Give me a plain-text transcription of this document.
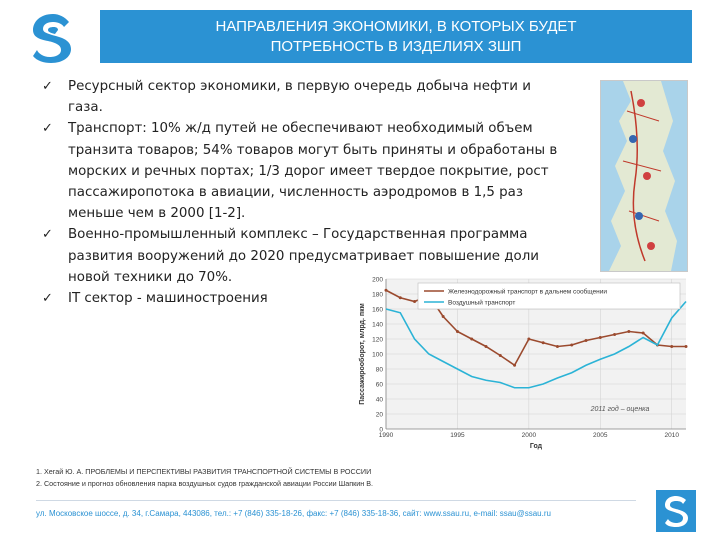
НАПРАВЛЕНИЯ ЭКОНОМИКИ, В КОТОРЫХ БУДЕТ
ПОТРЕБНОСТЬ В ИЗДЕЛИЯХ ЗШП
✓ Ресурсный сектор экономики, в первую очередь добыча нефти и
газа.
✓ Транспорт: 10% ж/д путей не обеспечивают необходимый объем
транзита товаров; 54% товаров могут быть приняты и обработаны в
морских и речных портах; 1/3 дорог имеет твердое покрытие, рост
пассажиропотока в авиации, численность аэродромов в 1,5 раз
меньше чем в 2000 [1-2].
✓ Военно-промышленный комплекс – Государственная программа
развития вооружений до 2020 предусматривает повышение доли
новой техники до 70%.
✓ IT сектор - машиностроения
0
20
40
60
80
100
120
140
160
180
200
1990	1995	2000	2005	2010
Железнодорожный транспорт в дальнем сообщении
Воздушный транспорт
Пассажирооборот, млрд. пкм
Год
2011 год – оценка
1. Хегай Ю. А. ПРОБЛЕМЫ И ПЕРСПЕКТИВЫ РАЗВИТИЯ ТРАНСПОРТНОЙ СИСТЕМЫ В РОССИИ
2. Состояние и прогноз обновления парка воздушных судов гражданской авиации России Шапкин В.
ул. Московское шоссе, д. 34, г.Самара, 443086, тел.: +7 (846) 335-18-26, факс: +7 (846) 335-18-36, сайт: www.ssau.ru, e-mail: ssau@ssau.ru
